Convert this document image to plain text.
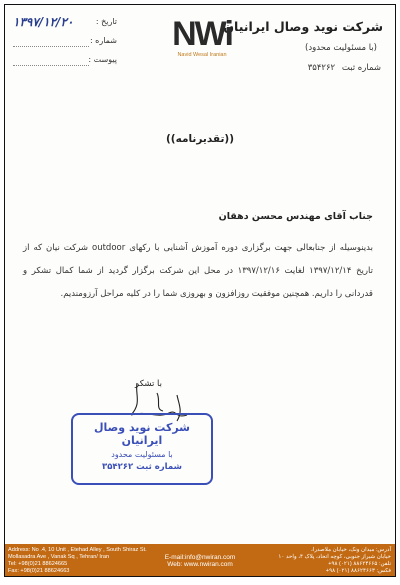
شرکت نوید وصال ایرانیان
(با مسئولیت محدود)
شماره ثبت ۳۵۴۲۶۲
NWi
Navid Wesal Iranian
تاریخ :
۱۳۹۷/۱۲/۲۰
شماره :
پیوست :
((تقدیرنامه))
جناب آقای مهندس محسن دهقان
بدینوسیله از جنابعالی جهت برگزاری دوره آموزش آشنایی با رکهای outdoor شرکت نیان که از تاریخ ۱۳۹۷/۱۲/۱۴ لغایت ۱۳۹۷/۱۲/۱۶ در محل این شرکت برگزار گردید از شما کمال تشکر و قدردانی را داریم. همچنین موفقیت روزافزون و بهروزی شما را در کلیه مراحل آرزومندیم.
با تشکر
شرکت نوید وصال ایرانیان
با مسئولیت محدود
شماره ثبت ۳۵۴۲۶۲
Address: No .4, 10 Unit , Etehad Alley , South Shiraz St.
Mollasadra Ave , Vanak Sq , Tehran/ Iran
Tel: +98(0)21 88624665
Fax: +98(0)21 88624663
E-mail:info@nwiran.com
Web: www.nwiran.com
آدرس: میدان ونک، خیابان ملاصدرا،
خیابان شیراز جنوبی، کوچه اتحاد، پلاک ۴، واحد ۱۰
تلفن: ۸۸۶۲۴۶۶۵ (۰۲۱) ۹۸+
فکس: ۸۸۶۲۴۶۶۳ (۰۲۱) ۹۸+
